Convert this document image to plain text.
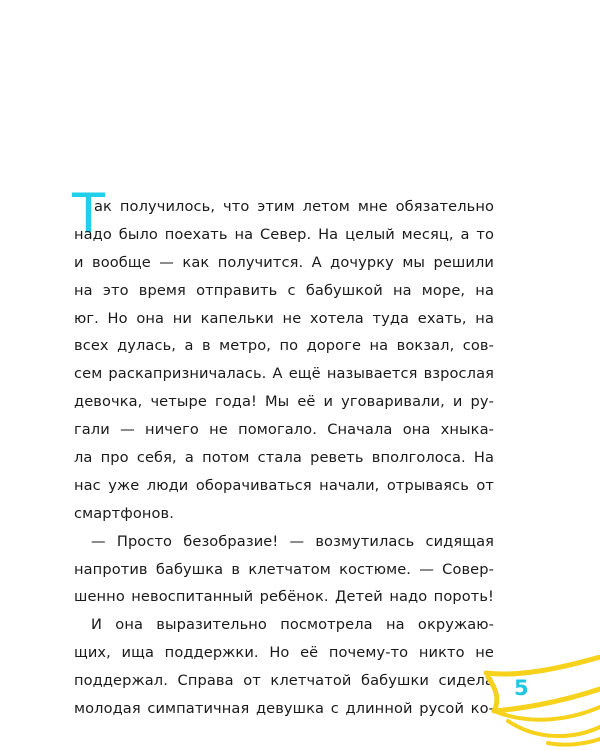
Т
ак получилось, что этим летом мне обязательно
надо было поехать на Север. На целый месяц, а то
и вообще — как получится. А дочурку мы решили
на это время отправить с бабушкой на море, на
юг. Но она ни капельки не хотела туда ехать, на
всех дулась, а в метро, по дороге на вокзал, сов-
сем раскапризничалась. А ещё называется взрослая
девочка, четыре года! Мы её и уговаривали, и ру-
гали — ничего не помогало. Сначала она хныка-
ла про себя, а потом стала реветь вполголоса. На
нас уже люди оборачиваться начали, отрываясь от
смартфонов.
— Просто безобразие! — возмутилась сидящая
напротив бабушка в клетчатом костюме. — Совер-
шенно невоспитанный ребёнок. Детей надо пороть!
И она выразительно посмотрела на окружаю-
щих, ища поддержки. Но её почему-то никто не
поддержал. Справа от клетчатой бабушки сидела
молодая симпатичная девушка с длинной русой ко-
5
